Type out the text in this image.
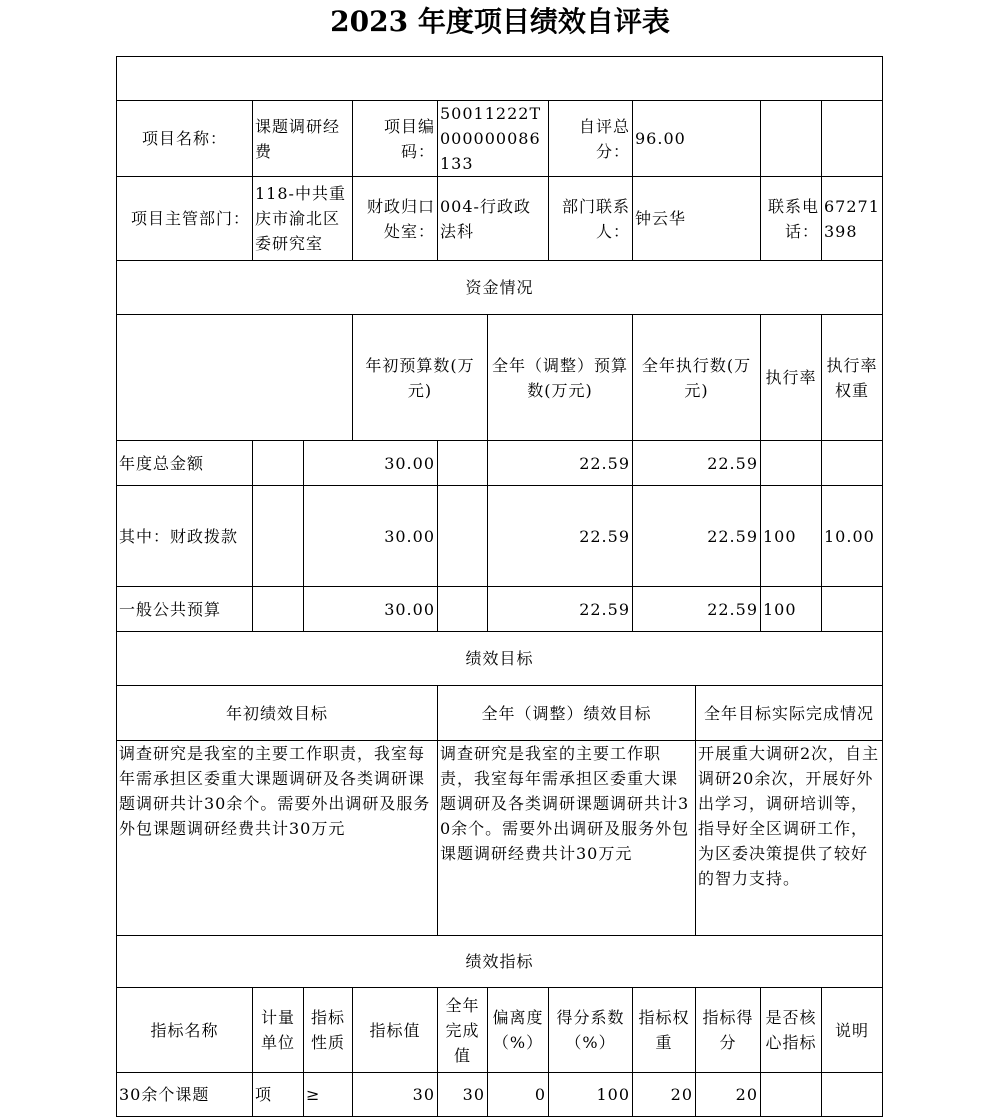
2023 年度项目绩效自评表

项目名称：	课题调研经费		项目编码：	50011222T000000086133		自评总分：	96.00				
项目主管部门：	118-中共重庆市渝北区委研究室		财政归口处室：	004-行政政法科		部门联系人：	钟云华		联系电话：	67271398	
资金情况											
			年初预算数(万元)		全年（调整）预算数(万元)		全年执行数(万元)		执行率	执行率权重	
年度总金额		30.00			22.59		22.59				
其中：财政拨款		30.00			22.59		22.59		100	10.00	
一般公共预算		30.00			22.59		22.59		100		
绩效目标											
年初绩效目标				全年（调整）绩效目标				全年目标实际完成情况			
调查研究是我室的主要工作职责，我室每年需承担区委重大课题调研及各类调研课题调研共计30余个。需要外出调研及服务外包课题调研经费共计30万元				调查研究是我室的主要工作职责，我室每年需承担区委重大课题调研及各类调研课题调研共计30余个。需要外出调研及服务外包课题调研经费共计30万元				开展重大调研2次，自主调研20余次，开展好外出学习，调研培训等，指导好全区调研工作，为区委决策提供了较好的智力支持。			
绩效指标											
指标名称	计量单位	指标性质	指标值	全年完成值	偏离度（%）	得分系数（%）	指标权重	指标得分	是否核心指标	说明	
30余个课题	项	≥	30	30	0	100	20	20			
